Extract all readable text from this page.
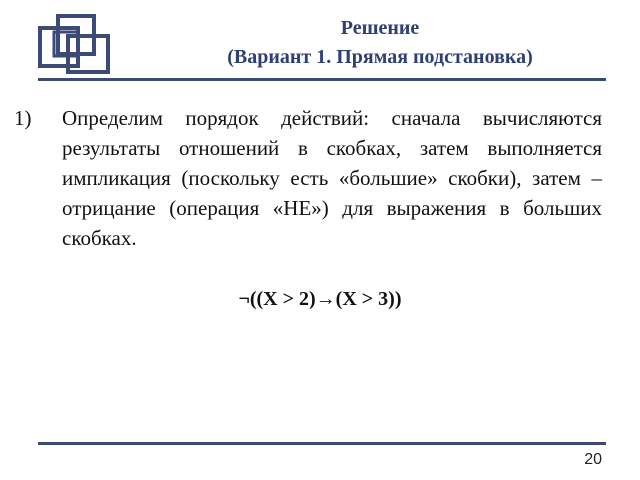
Решение
(Вариант 1. Прямая подстановка)
1) Определим порядок действий: сначала вычисляются результаты отношений в скобках, затем выполняется импликация (поскольку есть «большие» скобки), затем – отрицание (операция «НЕ») для выражения в больших скобках.
¬((X > 2)→(X > 3))
20
